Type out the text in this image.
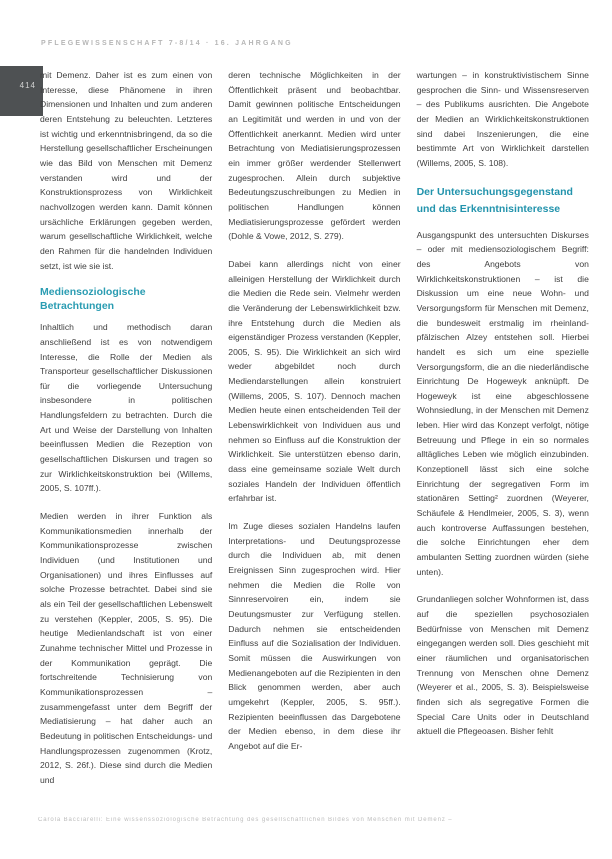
PFLEGEWISSENSCHAFT 7-8/14 · 16. JAHRGANG
414

mit Demenz. Daher ist es zum einen von Interesse, diese Phänomene in ihren Dimensionen und Inhalten und zum anderen deren Entstehung zu beleuchten. Letzteres ist wichtig und erkenntnisbringend, da so die Herstellung gesellschaftlicher Erscheinungen wie das Bild von Menschen mit Demenz verstanden wird und der Konstruktionsprozess von Wirklichkeit nachvollzogen werden kann. Damit können ursächliche Erklärungen gegeben werden, warum gesellschaftliche Wirklichkeit, welche den Rahmen für die handelnden Individuen setzt, ist wie sie ist.

Mediensoziologische Betrachtungen

Inhaltlich und methodisch daran anschließend ist es von notwendigem Interesse, die Rolle der Medien als Transporteur gesellschaftlicher Diskussionen für die vorliegende Untersuchung insbesondere in politischen Handlungsfeldern zu betrachten. Durch die Art und Weise der Darstellung von Inhalten beeinflussen Medien die Rezeption von gesellschaftlichen Diskursen und tragen so zur Wirklichkeitskonstruktion bei (Willems, 2005, S. 107ff.).

Medien werden in ihrer Funktion als Kommunikationsmedien innerhalb der Kommunikationsprozesse zwischen Individuen (und Institutionen und Organisationen) und ihres Einflusses auf solche Prozesse betrachtet. Dabei sind sie als ein Teil der gesellschaftlichen Lebenswelt zu verstehen (Keppler, 2005, S. 95). Die heutige Medienlandschaft ist von einer Zunahme technischer Mittel und Prozesse in der Kommunikation geprägt. Die fortschreitende Technisierung von Kommunikationsprozessen – zusammengefasst unter dem Begriff der Mediatisierung – hat daher auch an Bedeutung in politischen Entscheidungs- und Handlungsprozessen zugenommen (Krotz, 2012, S. 26f.). Diese sind durch die Medien und

deren technische Möglichkeiten in der Öffentlichkeit präsent und beobachtbar. Damit gewinnen politische Entscheidungen an Legitimität und werden in und von der Öffentlichkeit anerkannt. Medien wird unter Betrachtung von Mediatisierungsprozessen ein immer größer werdender Stellenwert zugesprochen. Allein durch subjektive Bedeutungszuschreibungen zu Medien in politischen Handlungen können Mediatisierungsprozesse gefördert werden (Dohle & Vowe, 2012, S. 279).

Dabei kann allerdings nicht von einer alleinigen Herstellung der Wirklichkeit durch die Medien die Rede sein. Vielmehr werden die Veränderung der Lebenswirklichkeit bzw. ihre Entstehung durch die Medien als eigenständiger Prozess verstanden (Keppler, 2005, S. 95). Die Wirklichkeit an sich wird weder abgebildet noch durch Mediendarstellungen allein konstruiert (Willems, 2005, S. 107). Dennoch machen Medien heute einen entscheidenden Teil der Lebenswirklichkeit von Individuen aus und nehmen so Einfluss auf die Konstruktion der Wirklichkeit. Sie unterstützen ebenso darin, dass eine gemeinsame soziale Welt durch soziales Handeln der Individuen öffentlich erfahrbar ist.

Im Zuge dieses sozialen Handelns laufen Interpretations- und Deutungsprozesse durch die Individuen ab, mit denen Ereignissen Sinn zugesprochen wird. Hier nehmen die Medien die Rolle von Sinnreservoiren ein, indem sie Deutungsmuster zur Verfügung stellen. Dadurch nehmen sie entscheidenden Einfluss auf die Sozialisation der Individuen. Somit müssen die Auswirkungen von Medienangeboten auf die Rezipienten in den Blick genommen werden, aber auch umgekehrt (Keppler, 2005, S. 95ff.). Rezipienten beeinflussen das Dargebotene der Medien ebenso, in dem diese ihr Angebot auf die Er-

wartungen – in konstruktivistischem Sinne gesprochen die Sinn- und Wissensreserven – des Publikums ausrichten. Die Angebote der Medien an Wirklichkeitskonstruktionen sind dabei Inszenierungen, die eine bestimmte Art von Wirklichkeit darstellen (Willems, 2005, S. 108).

Der Untersuchungsgegenstand und das Erkenntnisinteresse

Ausgangspunkt des untersuchten Diskurses – oder mit mediensoziologischem Begriff: des Angebots von Wirklichkeitskonstruktionen – ist die Diskussion um eine neue Wohn- und Versorgungsform für Menschen mit Demenz, die bundesweit erstmalig im rheinland-pfälzischen Alzey entstehen soll. Hierbei handelt es sich um eine spezielle Versorgungsform, die an die niederländische Einrichtung De Hogeweyk anknüpft. De Hogeweyk ist eine abgeschlossene Wohnsiedlung, in der Menschen mit Demenz leben. Hier wird das Konzept verfolgt, nötige Betreuung und Pflege in ein so normales alltägliches Leben wie möglich einzubinden. Konzeptionell lässt sich eine solche Einrichtung der segregativen Form im stationären Setting² zuordnen (Weyerer, Schäufele & Hendlmeier, 2005, S. 3), wenn auch kontroverse Auffassungen bestehen, die solche Einrichtungen eher dem ambulanten Setting zuordnen würden (siehe unten).

Grundanliegen solcher Wohnformen ist, dass auf die speziellen psychosozialen Bedürfnisse von Menschen mit Demenz eingegangen werden soll. Dies geschieht mit einer räumlichen und organisatorischen Trennung von Menschen ohne Demenz (Weyerer et al., 2005, S. 3). Beispielsweise finden sich als segregative Formen die Special Care Units oder in Deutschland aktuell die Pflegeoasen. Bisher fehlt

Carola Bacciarelli: Eine wissenssoziologische Betrachtung des gesellschaftlichen Bildes von Menschen mit Demenz –
